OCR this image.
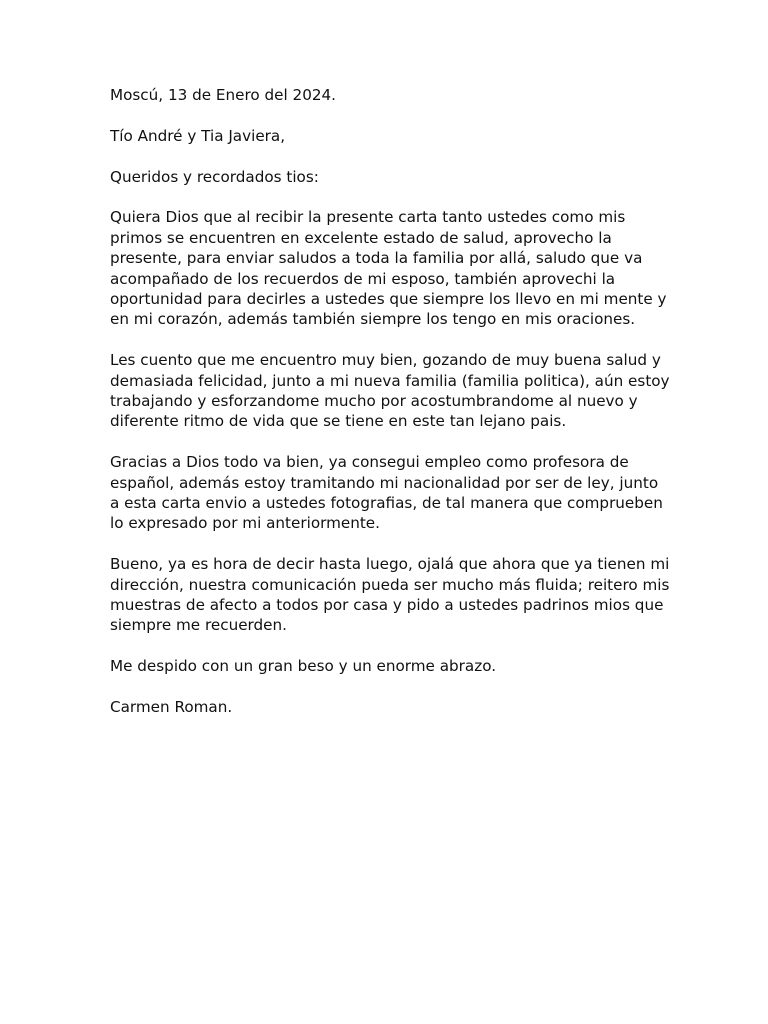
Moscú, 13 de Enero del 2024.

Tío André y Tia Javiera,

Queridos y recordados tios:

Quiera Dios que al recibir la presente carta tanto ustedes como mis primos se encuentren en excelente estado de salud, aprovecho la presente, para enviar saludos a toda la familia por allá, saludo que va acompañado de los recuerdos de mi esposo, también aprovechi la oportunidad para decirles a ustedes que siempre los llevo en mi mente y en mi corazón, además también siempre los tengo en mis oraciones.

Les cuento que me encuentro muy bien, gozando de muy buena salud y demasiada felicidad, junto a mi nueva familia (familia politica), aún estoy trabajando y esforzandome mucho por acostumbrandome al nuevo y diferente ritmo de vida que se tiene en este tan lejano pais.

Gracias a Dios todo va bien, ya consegui empleo como profesora de español, además estoy tramitando mi nacionalidad por ser de ley, junto a esta carta envio a ustedes fotografias, de tal manera que comprueben lo expresado por mi anteriormente.

Bueno, ya es hora de decir hasta luego, ojalá que ahora que ya tienen mi dirección, nuestra comunicación pueda ser mucho más fluida; reitero mis muestras de afecto a todos por casa y pido a ustedes padrinos mios que siempre me recuerden.

Me despido con un gran beso y un enorme abrazo.

Carmen Roman.
